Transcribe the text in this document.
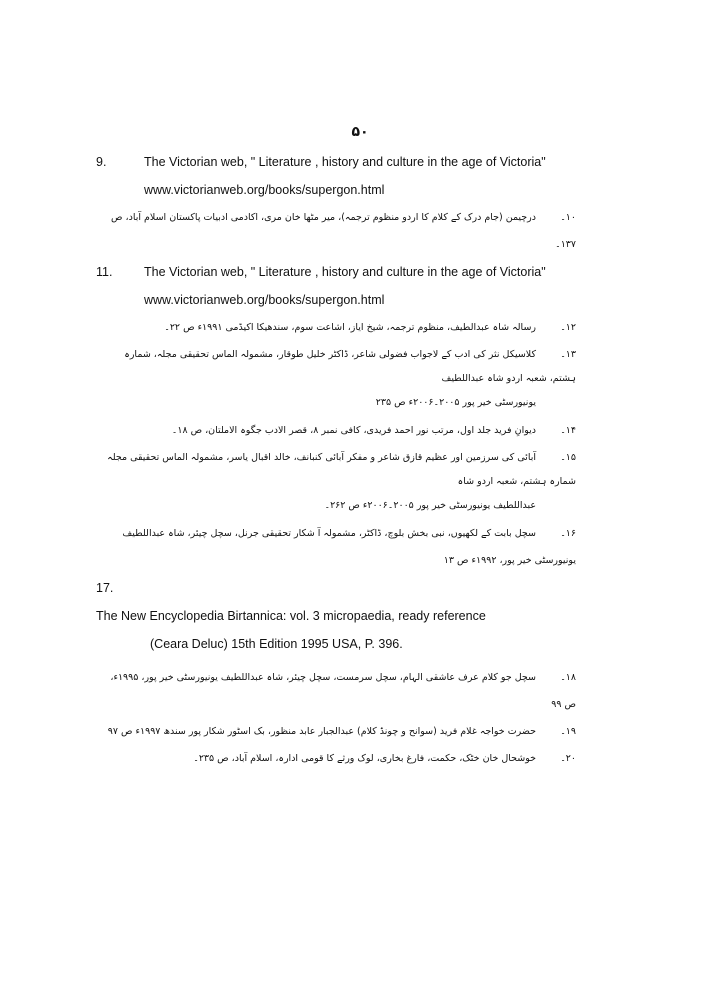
۵۰
9.	The Victorian web, " Literature , history and culture in the age of Victoria"
www.victorianweb.org/books/supergon.html
۱۰۔درچیمن (جام درک کے کلام کا اردو منظوم ترجمہ)، میر مٹھا خان مری، اکادمی ادبیات پاکستان اسلام آباد، ص ۱۳۷۔
11.	The Victorian web, " Literature , history and culture in the age of Victoria"
www.victorianweb.org/books/supergon.html
۱۲۔رسالہ شاہ عبدالطیف، منظوم ترجمہ، شیخ ایاز، اشاعت سوم، سندھیکا اکیڈمی ۱۹۹۱ء ص ۲۲۔
۱۳۔کلاسیکل نثر کی ادب کے لاجواب فضولی شاعر، ڈاکٹر خلیل طوقار، مشمولہ الماس تحقیقی مجلہ، شمارہ ہشتم، شعبہ اردو شاہ عبداللطیف
یونیورسٹی خیر پور ۲۰۰۵۔۲۰۰۶ء ص ۲۳۵
۱۴۔دیوانِ فرید جلد اول، مرتب نور احمد فریدی، کافی نمبر ۸، قصر الادب جگوہ الاملتان، ص ۱۸۔
۱۵۔آبائی کی سرزمین اور عظیم قازق شاعر و مفکر آبائی کنبانف، خالد اقبال یاسر، مشمولہ الماس تحقیقی مجلہ شمارہ ہشتم، شعبہ اردو شاہ
عبداللطیف یونیورسٹی خیر پور ۲۰۰۵۔۲۰۰۶ء ص ۲۶۲۔
۱۶۔سچل بابت کے لکھیوں، نبی بخش بلوچ، ڈاکٹر، مشمولہ آ شکار تحقیقی جرنل، سچل چیئر، شاہ عبداللطیف یونیورسٹی خیر پور، ۱۹۹۲ء ص ۱۳
17.The New Encyclopedia Birtannica: vol. 3 micropaedia, ready reference
(Ceara Deluc) 15th Edition 1995 USA, P. 396.
۱۸۔سچل جو کلام عرف عاشقی الہام، سچل سرمست، سچل چیئر، شاہ عبداللطیف یونیورسٹی خیر پور، ۱۹۹۵ء، ص ۹۹
۱۹۔حضرت خواجہ غلام فرید (سوانح و چونڈ کلام) عبدالجبار عابد منظور، بک اسٹور شکار پور سندھ ۱۹۹۷ء ص ۹۷
۲۰۔خوشحال خان خٹک، حکمت، فارغ بخاری، لوک ورثے کا قومی ادارہ، اسلام آباد، ص ۲۳۵۔
